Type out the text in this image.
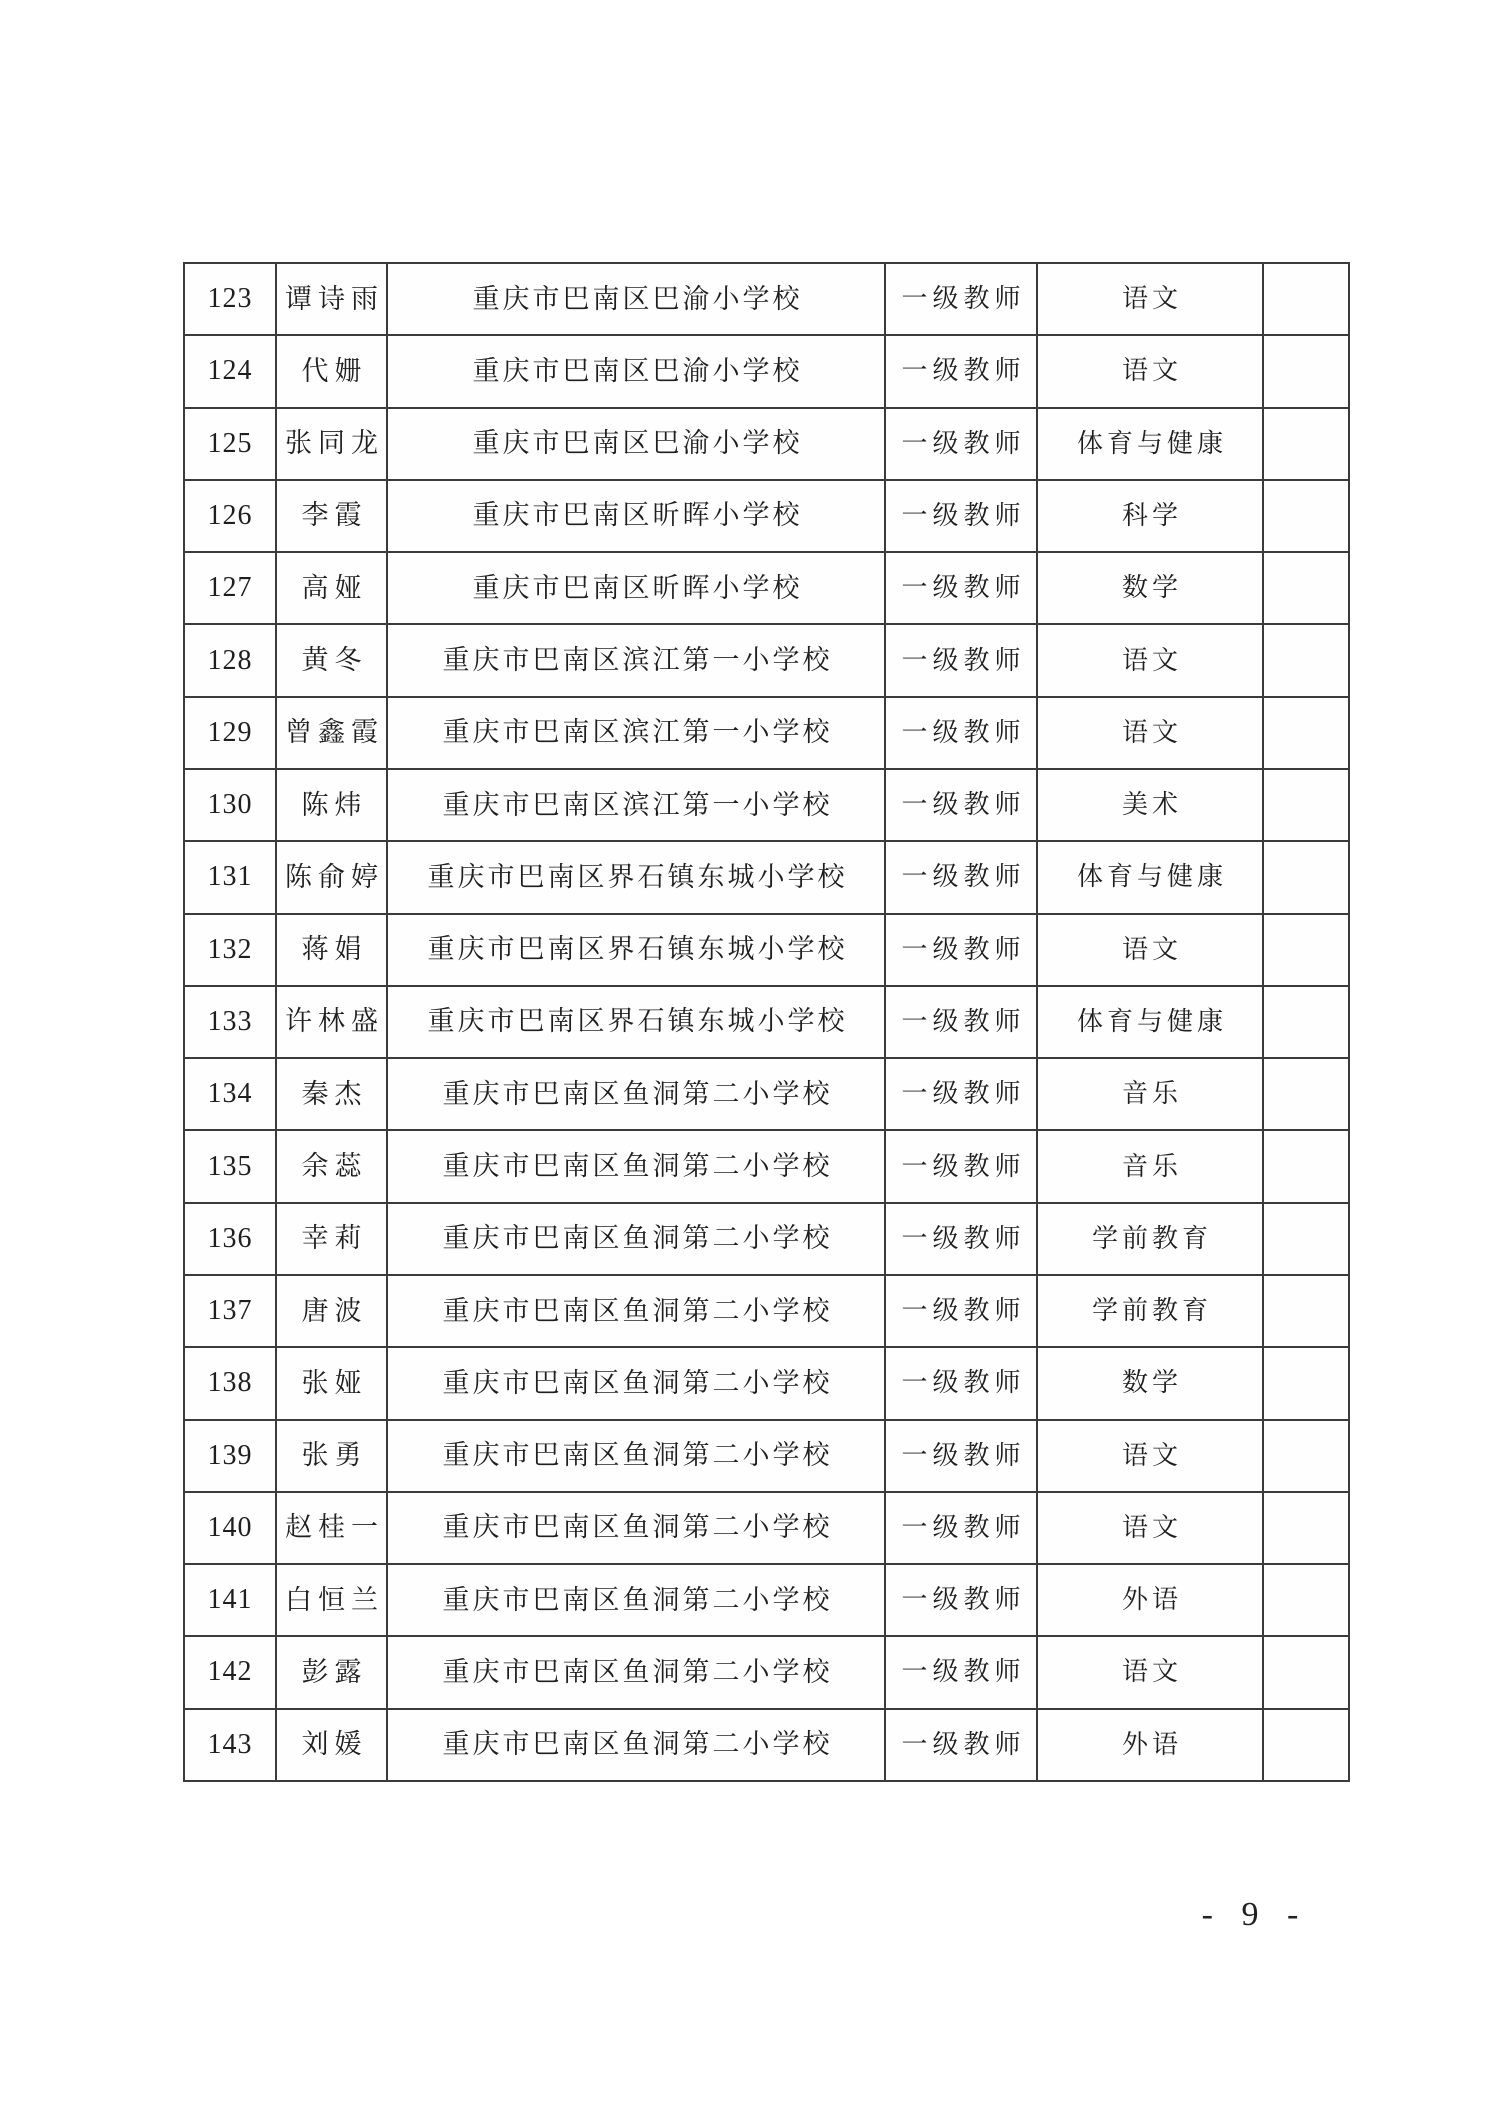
123	谭诗雨	重庆市巴南区巴渝小学校	一级教师	语文
124	代姗	重庆市巴南区巴渝小学校	一级教师	语文
125	张同龙	重庆市巴南区巴渝小学校	一级教师	体育与健康
126	李霞	重庆市巴南区昕晖小学校	一级教师	科学
127	高娅	重庆市巴南区昕晖小学校	一级教师	数学
128	黄冬	重庆市巴南区滨江第一小学校	一级教师	语文
129	曾鑫霞	重庆市巴南区滨江第一小学校	一级教师	语文
130	陈炜	重庆市巴南区滨江第一小学校	一级教师	美术
131	陈俞婷	重庆市巴南区界石镇东城小学校	一级教师	体育与健康
132	蒋娟	重庆市巴南区界石镇东城小学校	一级教师	语文
133	许林盛	重庆市巴南区界石镇东城小学校	一级教师	体育与健康
134	秦杰	重庆市巴南区鱼洞第二小学校	一级教师	音乐
135	余蕊	重庆市巴南区鱼洞第二小学校	一级教师	音乐
136	幸莉	重庆市巴南区鱼洞第二小学校	一级教师	学前教育
137	唐波	重庆市巴南区鱼洞第二小学校	一级教师	学前教育
138	张娅	重庆市巴南区鱼洞第二小学校	一级教师	数学
139	张勇	重庆市巴南区鱼洞第二小学校	一级教师	语文
140	赵桂一	重庆市巴南区鱼洞第二小学校	一级教师	语文
141	白恒兰	重庆市巴南区鱼洞第二小学校	一级教师	外语
142	彭露	重庆市巴南区鱼洞第二小学校	一级教师	语文
143	刘媛	重庆市巴南区鱼洞第二小学校	一级教师	外语
- 9 -
